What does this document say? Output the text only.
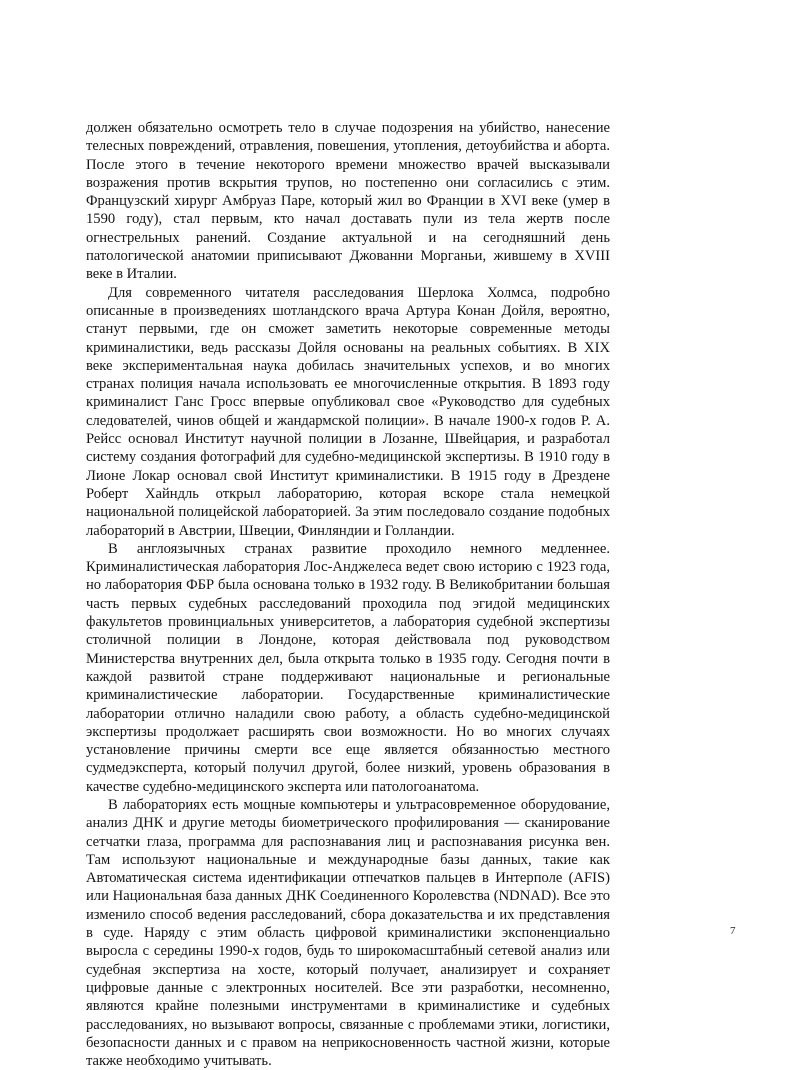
должен обязательно осмотреть тело в случае подозрения на убийство, нанесение телесных повреждений, отравления, повешения, утопления, детоубийства и аборта. После этого в течение некоторого времени множество врачей высказывали возражения против вскрытия трупов, но постепенно они согласились с этим. Французский хирург Амбруаз Паре, который жил во Франции в XVI веке (умер в 1590 году), стал первым, кто начал доставать пули из тела жертв после огнестрельных ранений. Создание актуальной и на сегодняшний день патологической анатомии приписывают Джованни Морганьи, жившему в XVIII веке в Италии.

Для современного читателя расследования Шерлока Холмса, подробно описанные в произведениях шотландского врача Артура Конан Дойля, вероятно, станут первыми, где он сможет заметить некоторые современные методы криминалистики, ведь рассказы Дойля основаны на реальных событиях. В XIX веке экспериментальная наука добилась значительных успехов, и во многих странах полиция начала использовать ее многочисленные открытия. В 1893 году криминалист Ганс Гросс впервые опубликовал свое «Руководство для судебных следователей, чинов общей и жандармской полиции». В начале 1900-х годов Р. А. Рейсс основал Институт научной полиции в Лозанне, Швейцария, и разработал систему создания фотографий для судебно-медицинской экспертизы. В 1910 году в Лионе Локар основал свой Институт криминалистики. В 1915 году в Дрездене Роберт Хайндль открыл лабораторию, которая вскоре стала немецкой национальной полицейской лабораторией. За этим последовало создание подобных лабораторий в Австрии, Швеции, Финляндии и Голландии.

В англоязычных странах развитие проходило немного медленнее. Криминалистическая лаборатория Лос-Анджелеса ведет свою историю с 1923 года, но лаборатория ФБР была основана только в 1932 году. В Великобритании большая часть первых судебных расследований проходила под эгидой медицинских факультетов провинциальных университетов, а лаборатория судебной экспертизы столичной полиции в Лондоне, которая действовала под руководством Министерства внутренних дел, была открыта только в 1935 году. Сегодня почти в каждой развитой стране поддерживают национальные и региональные криминалистические лаборатории. Государственные криминалистические лаборатории отлично наладили свою работу, а область судебно-медицинской экспертизы продолжает расширять свои возможности. Но во многих случаях установление причины смерти все еще является обязанностью местного судмедэксперта, который получил другой, более низкий, уровень образования в качестве судебно-медицинского эксперта или патологоанатома.

В лабораториях есть мощные компьютеры и ультрасовременное оборудование, анализ ДНК и другие методы биометрического профилирования — сканирование сетчатки глаза, программа для распознавания лиц и распознавания рисунка вен. Там используют национальные и международные базы данных, такие как Автоматическая система идентификации отпечатков пальцев в Интерполе (AFIS) или Национальная база данных ДНК Соединенного Королевства (NDNAD). Все это изменило способ ведения расследований, сбора доказательства и их представления в суде. Наряду с этим область цифровой криминалистики экспоненциально выросла с середины 1990-х годов, будь то широкомасштабный сетевой анализ или судебная экспертиза на хосте, который получает, анализирует и сохраняет цифровые данные с электронных носителей. Все эти разработки, несомненно, являются крайне полезными инструментами в криминалистике и судебных расследованиях, но вызывают вопросы, связанные с проблемами этики, логистики, безопасности данных и с правом на неприкосновенность частной жизни, которые также необходимо учитывать.

7
